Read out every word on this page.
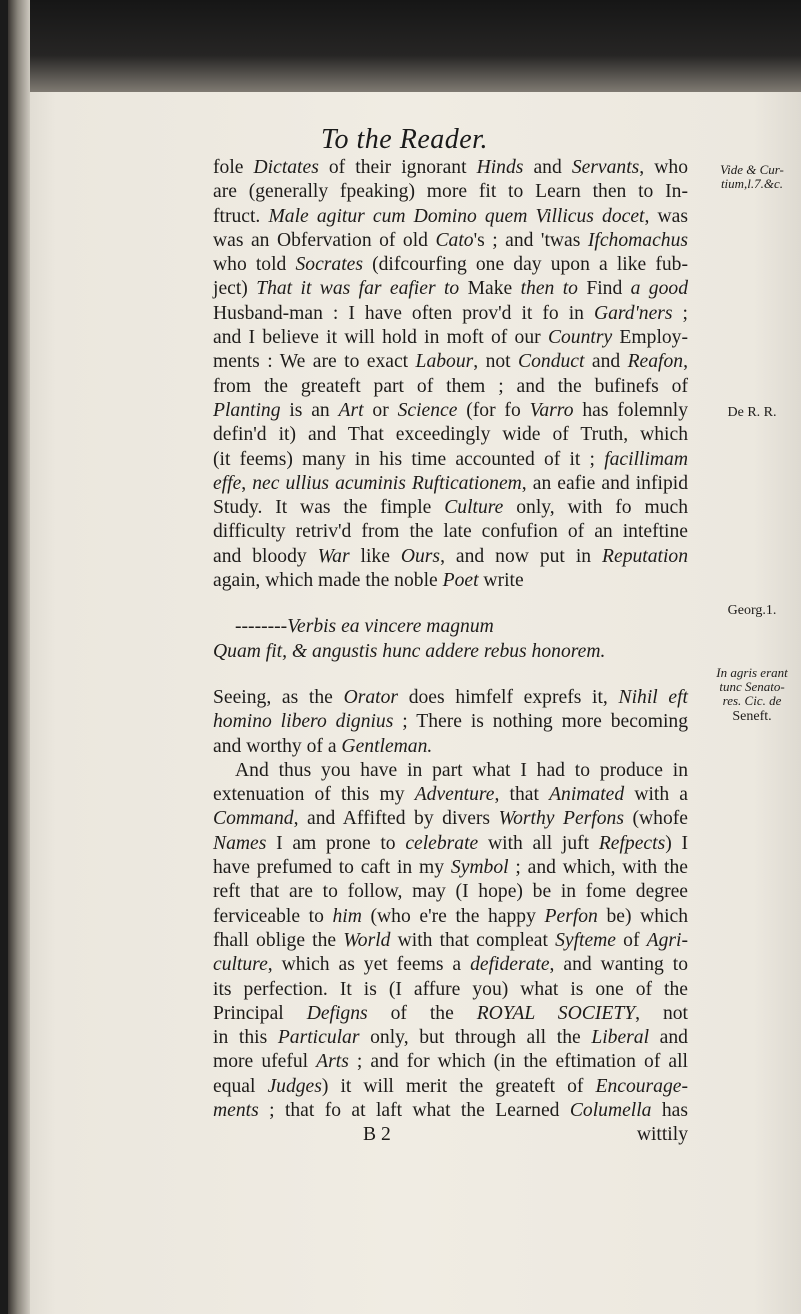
To the Reader.
fole Dictates of their ignorant Hinds and Servants, who
are (generally fpeaking) more fit to Learn then to In-
ftruct. Male agitur cum Domino quem Villicus docet, was
was an Obfervation of old Cato's ; and 'twas Ifchomachus
who told Socrates (difcourfing one day upon a like fub-
ject) That it was far eafier to Make then to Find a good
Husband-man : I have often prov'd it fo in Gard'ners ;
and I believe it will hold in moft of our Country Employ-
ments : We are to exact Labour, not Conduct and Reafon,
from the greateft part of them ; and the bufinefs of
Planting is an Art or Science (for fo Varro has folemnly
defin'd it) and That exceedingly wide of Truth, which
(it feems) many in his time accounted of it ; facillimam
effe, nec ullius acuminis Rufticationem, an eafie and infipid
Study. It was the fimple Culture only, with fo much
difficulty retriv'd from the late confufion of an inteftine
and bloody War like Ours, and now put in Reputation
again, which made the noble Poet write
--------Verbis ea vincere magnum
Quam fit, & angustis hunc addere rebus honorem.
Seeing, as the Orator does himfelf exprefs it, Nihil eft
homino libero dignius ; There is nothing more becoming
and worthy of a Gentleman.
And thus you have in part what I had to produce in
extenuation of this my Adventure, that Animated with a
Command, and Affifted by divers Worthy Perfons (whofe
Names I am prone to celebrate with all juft Refpects) I
have prefumed to caft in my Symbol ; and which, with the
reft that are to follow, may (I hope) be in fome degree
ferviceable to him (who e're the happy Perfon be) which
fhall oblige the World with that compleat Syfteme of Agri-
culture, which as yet feems a defiderate, and wanting to
its perfection. It is (I affure you) what is one of the
Principal Defigns of the ROYAL SOCIETY, not
in this Particular only, but through all the Liberal and
more ufeful Arts ; and for which (in the eftimation of all
equal Judges) it will merit the greateft of Encourage-
ments ; that fo at laft what the Learned Columella has
B 2	wittily
Vide & Cur-
tium,l.7.&c.
De R. R.
Georg.1.
In agris erant
tunc Senato-
res. Cic. de
Seneft.
